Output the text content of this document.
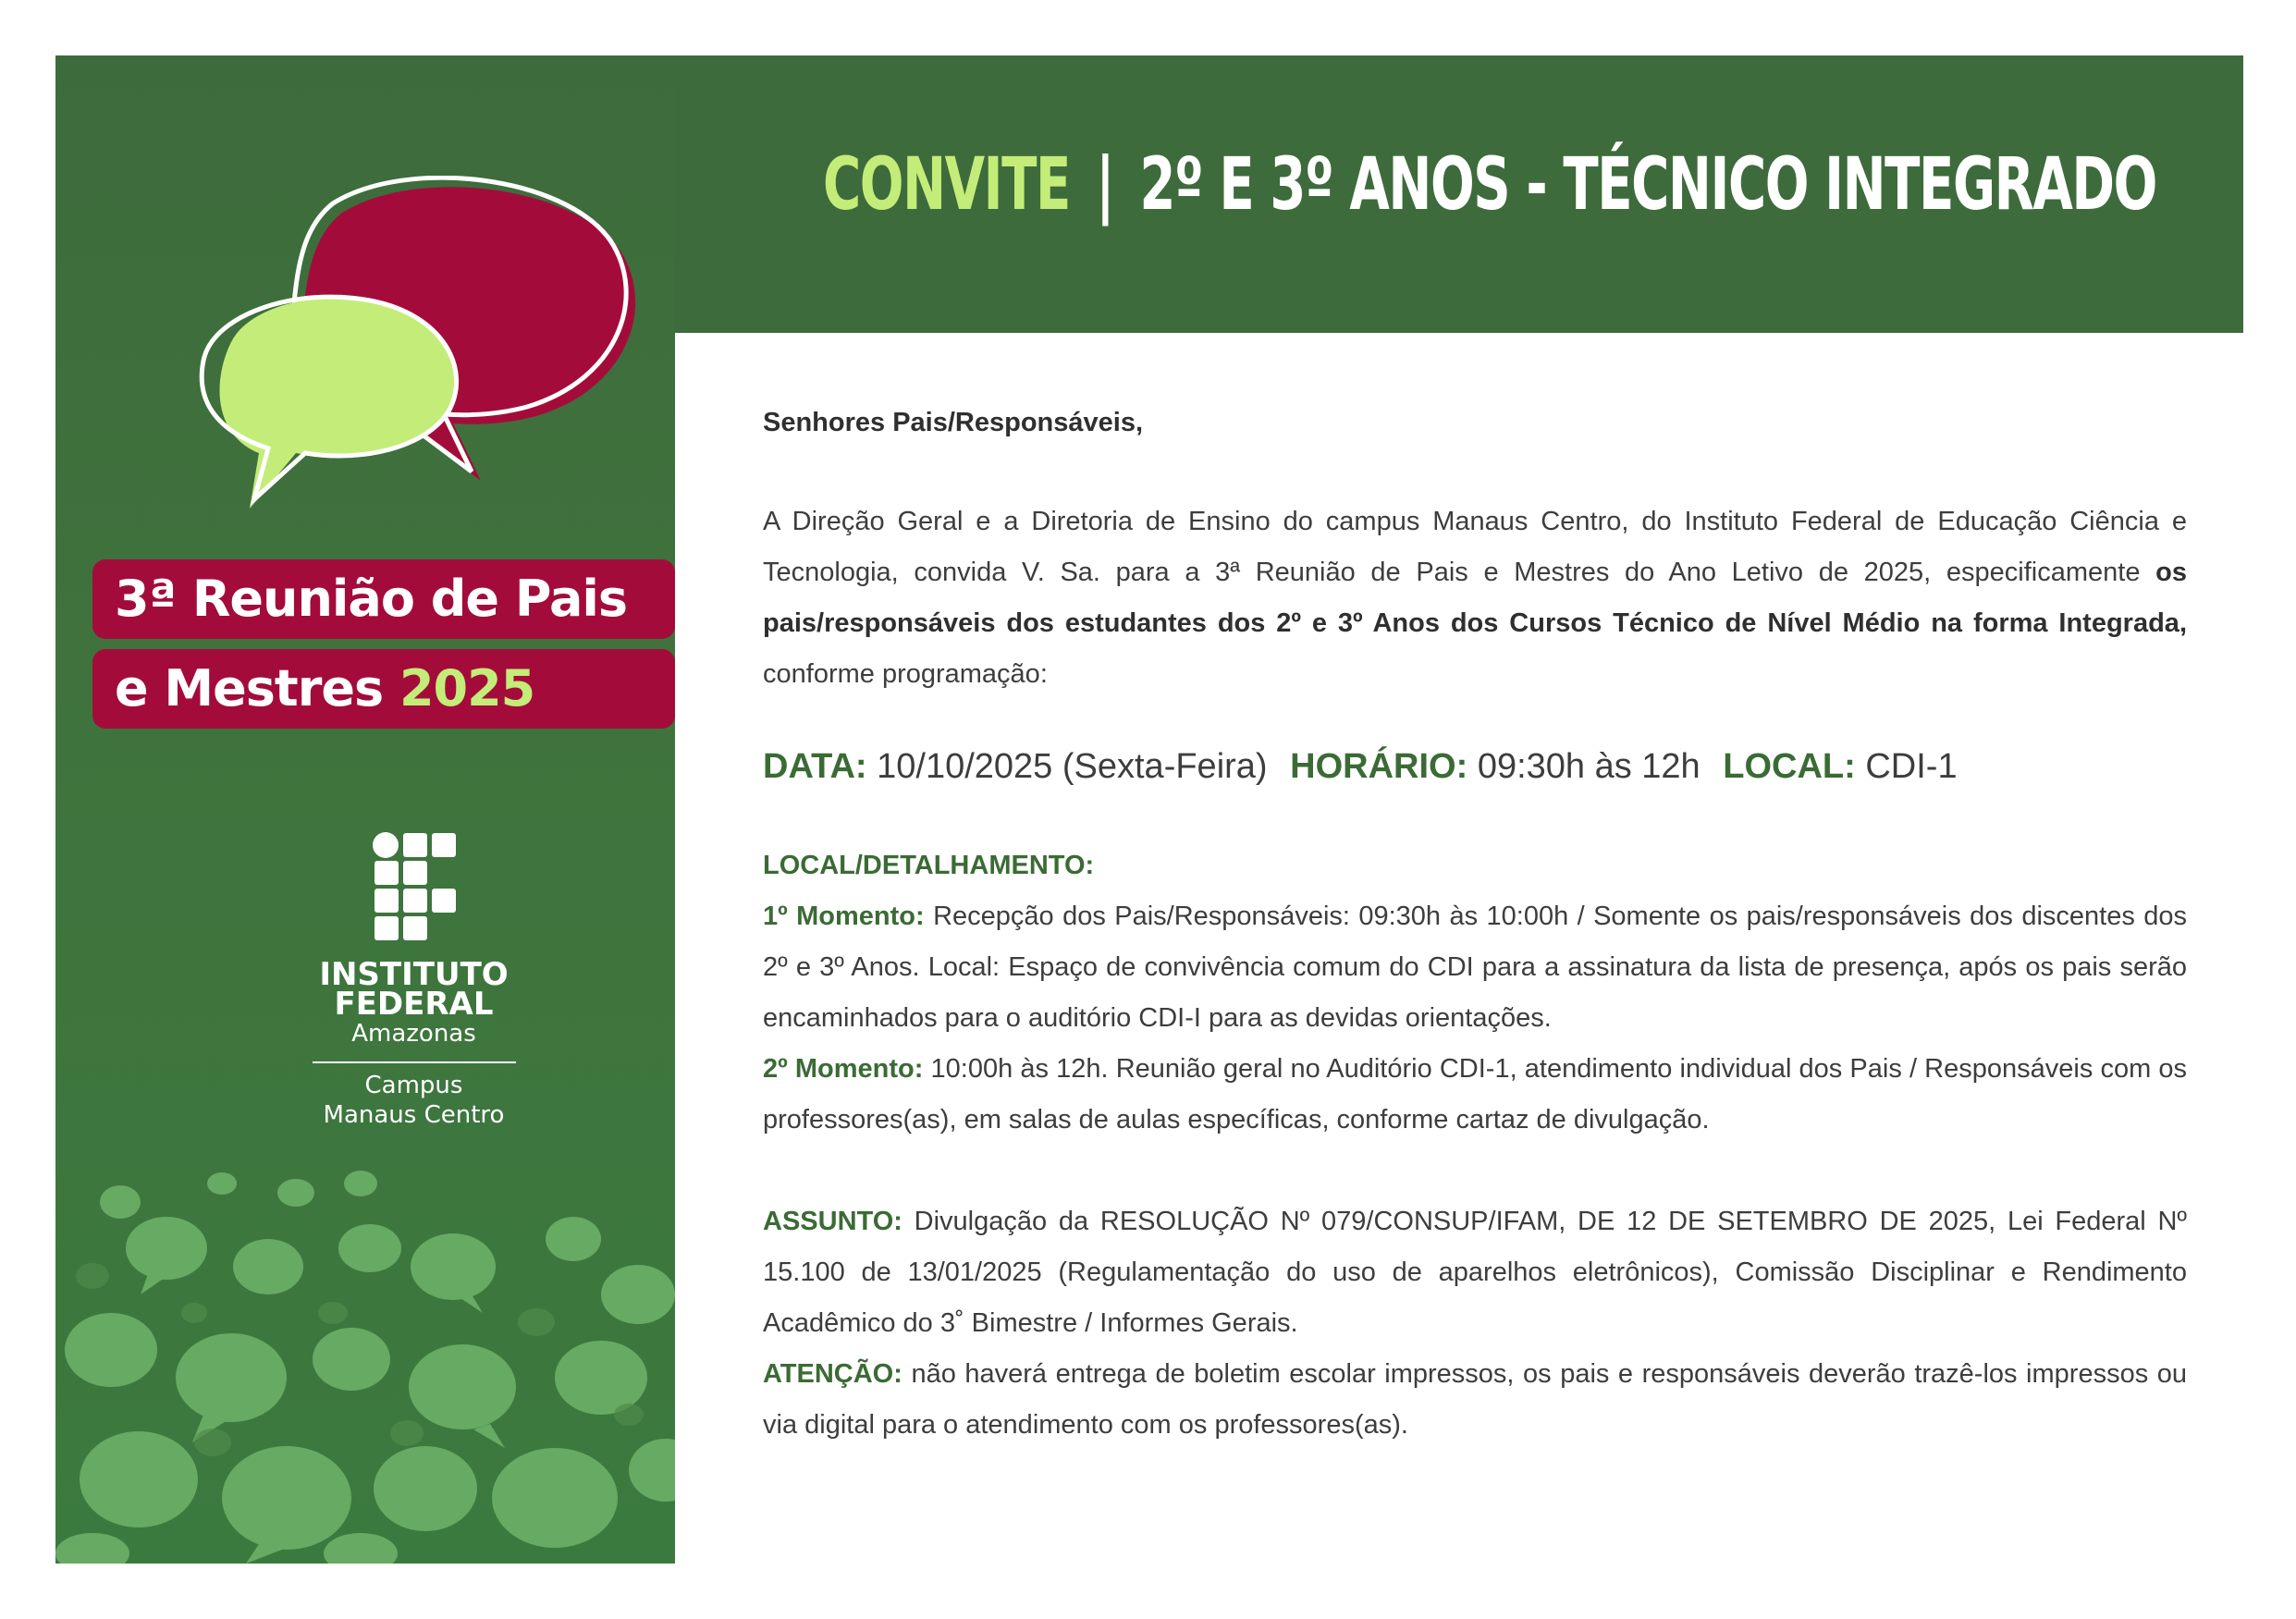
3ª Reunião de Pais
e Mestres 2025
INSTITUTO
FEDERAL
Amazonas
Campus
Manaus Centro
CONVITE | 2º E 3º ANOS - TÉCNICO INTEGRADO
Senhores Pais/Responsáveis,
A Direção Geral e a Diretoria de Ensino do campus Manaus Centro, do Instituto Federal de Educação Ciência e Tecnologia, convida V. Sa. para a 3ª Reunião de Pais e Mestres do Ano Letivo de 2025, especificamente os pais/responsáveis dos estudantes dos 2º e 3º Anos dos Cursos Técnico de Nível Médio na forma Integrada, conforme programação:
DATA: 10/10/2025 (Sexta-Feira) HORÁRIO: 09:30h às 12h LOCAL: CDI-1
LOCAL/DETALHAMENTO:
1º Momento: Recepção dos Pais/Responsáveis: 09:30h às 10:00h / Somente os pais/responsáveis dos discentes dos 2º e 3º Anos. Local: Espaço de convivência comum do CDI para a assinatura da lista de presença, após os pais serão encaminhados para o auditório CDI-I para as devidas orientações.
2º Momento: 10:00h às 12h. Reunião geral no Auditório CDI-1, atendimento individual dos Pais / Responsáveis com os professores(as), em salas de aulas específicas, conforme cartaz de divulgação.
ASSUNTO: Divulgação da RESOLUÇÃO Nº 079/CONSUP/IFAM, DE 12 DE SETEMBRO DE 2025, Lei Federal Nº 15.100 de 13/01/2025 (Regulamentação do uso de aparelhos eletrônicos), Comissão Disciplinar e Rendimento Acadêmico do 3˚ Bimestre / Informes Gerais.
ATENÇÃO: não haverá entrega de boletim escolar impressos, os pais e responsáveis deverão trazê-los impressos ou via digital para o atendimento com os professores(as).
